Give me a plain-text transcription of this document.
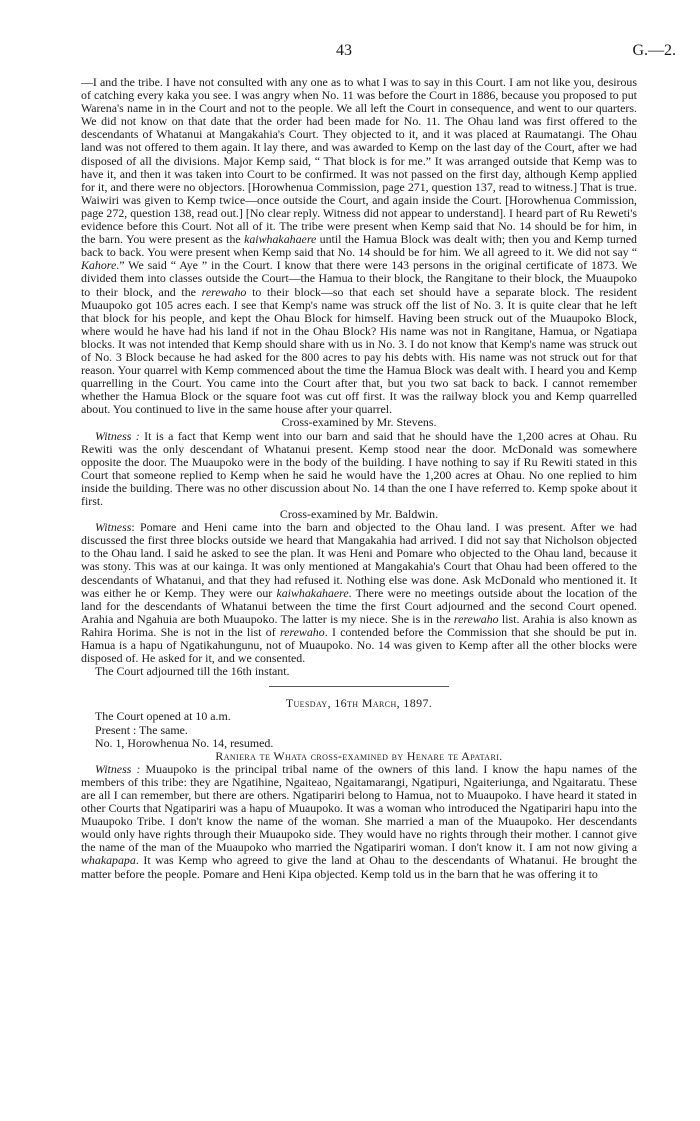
43	G.—2.

—I and the tribe. I have not consulted with any one as to what I was to say in this Court. I am not like you, desirous of catching every kaka you see. I was angry when No. 11 was before the Court in 1886, because you proposed to put Warena's name in in the Court and not to the people. We all left the Court in consequence, and went to our quarters. We did not know on that date that the order had been made for No. 11. The Ohau land was first offered to the descendants of Whatanui at Mangakahia's Court. They objected to it, and it was placed at Raumatangi. The Ohau land was not offered to them again. It lay there, and was awarded to Kemp on the last day of the Court, after we had disposed of all the divisions. Major Kemp said, “ That block is for me.” It was arranged outside that Kemp was to have it, and then it was taken into Court to be confirmed. It was not passed on the first day, although Kemp applied for it, and there were no objectors. [Horowhenua Commission, page 271, question 137, read to witness.] That is true. Waiwiri was given to Kemp twice—once outside the Court, and again inside the Court. [Horowhenua Commission, page 272, question 138, read out.] [No clear reply. Witness did not appear to understand]. I heard part of Ru Reweti's evidence before this Court. Not all of it. The tribe were present when Kemp said that No. 14 should be for him, in the barn. You were present as the kaiwhakahaere until the Hamua Block was dealt with; then you and Kemp turned back to back. You were present when Kemp said that No. 14 should be for him. We all agreed to it. We did not say “ Kahore.” We said “ Aye ” in the Court. I know that there were 143 persons in the original certificate of 1873. We divided them into classes outside the Court—the Hamua to their block, the Rangitane to their block, the Muaupoko to their block, and the rerewaho to their block—so that each set should have a separate block. The resident Muaupoko got 105 acres each. I see that Kemp's name was struck off the list of No. 3. It is quite clear that he left that block for his people, and kept the Ohau Block for himself. Having been struck out of the Muaupoko Block, where would he have had his land if not in the Ohau Block? His name was not in Rangitane, Hamua, or Ngatiapa blocks. It was not intended that Kemp should share with us in No. 3. I do not know that Kemp's name was struck out of No. 3 Block because he had asked for the 800 acres to pay his debts with. His name was not struck out for that reason. Your quarrel with Kemp commenced about the time the Hamua Block was dealt with. I heard you and Kemp quarrelling in the Court. You came into the Court after that, but you two sat back to back. I cannot remember whether the Hamua Block or the square foot was cut off first. It was the railway block you and Kemp quarrelled about. You continued to live in the same house after your quarrel.

Cross-examined by Mr. Stevens.

Witness : It is a fact that Kemp went into our barn and said that he should have the 1,200 acres at Ohau. Ru Rewiti was the only descendant of Whatanui present. Kemp stood near the door. McDonald was somewhere opposite the door. The Muaupoko were in the body of the building. I have nothing to say if Ru Rewiti stated in this Court that someone replied to Kemp when he said he would have the 1,200 acres at Ohau. No one replied to him inside the building. There was no other discussion about No. 14 than the one I have referred to. Kemp spoke about it first.

Cross-examined by Mr. Baldwin.

Witness: Pomare and Heni came into the barn and objected to the Ohau land. I was present. After we had discussed the first three blocks outside we heard that Mangakahia had arrived. I did not say that Nicholson objected to the Ohau land. I said he asked to see the plan. It was Heni and Pomare who objected to the Ohau land, because it was stony. This was at our kainga. It was only mentioned at Mangakahia's Court that Ohau had been offered to the descendants of Whatanui, and that they had refused it. Nothing else was done. Ask McDonald who mentioned it. It was either he or Kemp. They were our kaiwhakahaere. There were no meetings outside about the location of the land for the descendants of Whatanui between the time the first Court adjourned and the second Court opened. Arahia and Ngahuia are both Muaupoko. The latter is my niece. She is in the rerewaho list. Arahia is also known as Rahira Horima. She is not in the list of rerewaho. I contended before the Commission that she should be put in. Hamua is a hapu of Ngatikahungunu, not of Muaupoko. No. 14 was given to Kemp after all the other blocks were disposed of. He asked for it, and we consented.

The Court adjourned till the 16th instant.

Tuesday, 16th March, 1897.

The Court opened at 10 a.m.

Present : The same.

No. 1, Horowhenua No. 14, resumed.

Raniera te Whata cross-examined by Henare te Apatari.

Witness : Muaupoko is the principal tribal name of the owners of this land. I know the hapu names of the members of this tribe: they are Ngatihine, Ngaiteao, Ngaitamarangi, Ngatipuri, Ngaiteriunga, and Ngaitaratu. These are all I can remember, but there are others. Ngatipariri belong to Hamua, not to Muaupoko. I have heard it stated in other Courts that Ngatipariri was a hapu of Muaupoko. It was a woman who introduced the Ngatipariri hapu into the Muaupoko Tribe. I don't know the name of the woman. She married a man of the Muaupoko. Her descendants would only have rights through their Muaupoko side. They would have no rights through their mother. I cannot give the name of the man of the Muaupoko who married the Ngatipariri woman. I don't know it. I am not now giving a whakapapa. It was Kemp who agreed to give the land at Ohau to the descendants of Whatanui. He brought the matter before the people. Pomare and Heni Kipa objected. Kemp told us in the barn that he was offering it to
